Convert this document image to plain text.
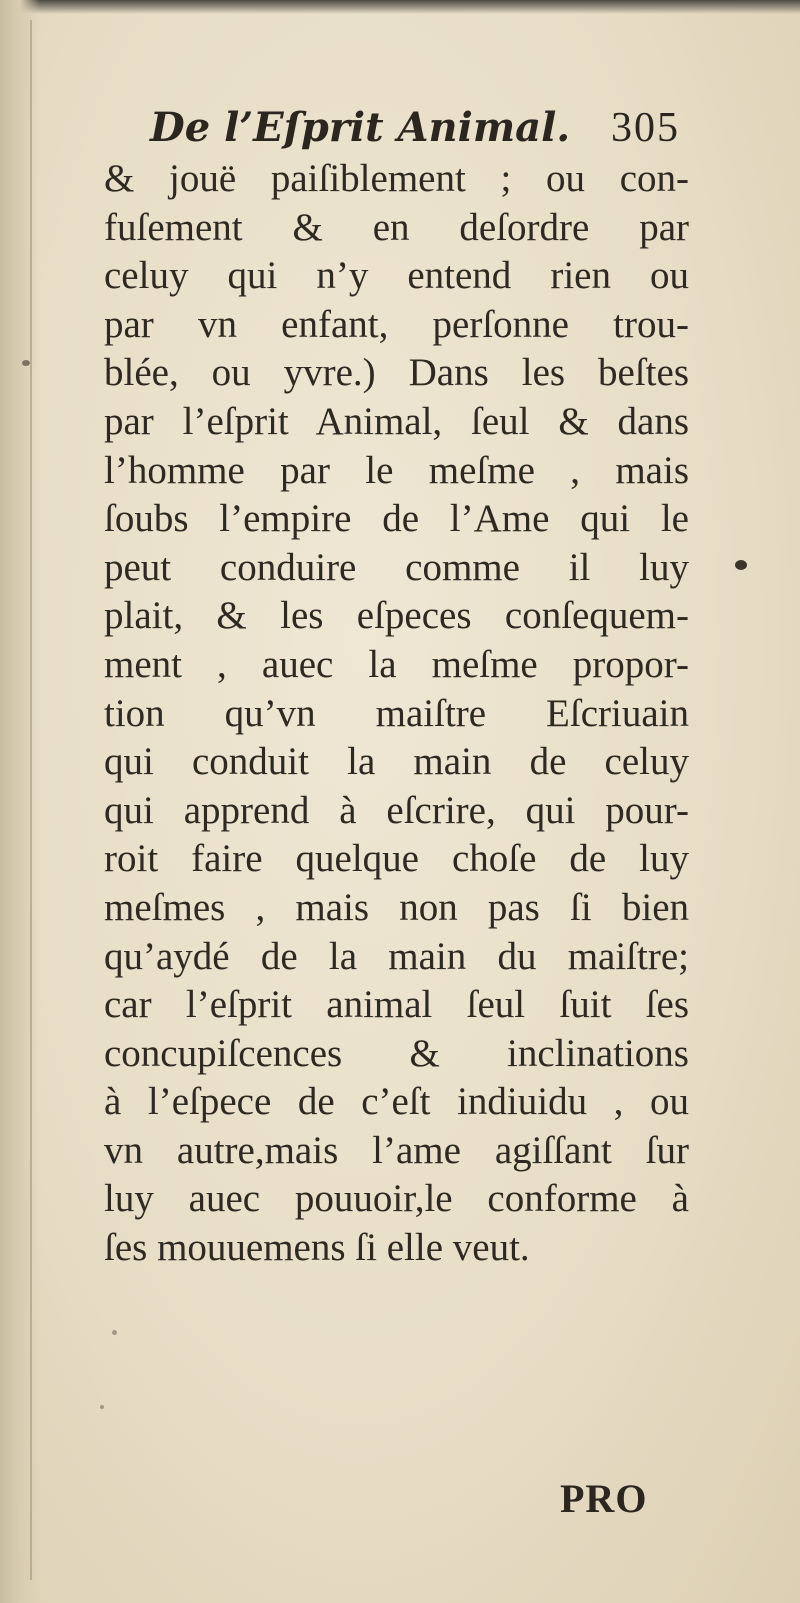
De l’Eſprit Animal. 305
& jouë paiſiblement ; ou con-
fuſement & en deſordre par
celuy qui n’y entend rien ou
par vn enfant, perſonne trou-
blée, ou yvre.) Dans les beſtes
par l’eſprit Animal, ſeul & dans
l’homme par le meſme , mais
ſoubs l’empire de l’Ame qui le
peut conduire comme il luy
plait, & les eſpeces conſequem-
ment , auec la meſme propor-
tion qu’vn maiſtre Eſcriuain
qui conduit la main de celuy
qui apprend à eſcrire, qui pour-
roit faire quelque choſe de luy
meſmes , mais non pas ſi bien
qu’aydé de la main du maiſtre;
car l’eſprit animal ſeul ſuit ſes
concupiſcences & inclinations
à l’eſpece de c’eſt indiuidu , ou
vn autre,mais l’ame agiſſant ſur
luy auec pouuoir,le conforme à
ſes mouuemens ſi elle veut.
PRO
